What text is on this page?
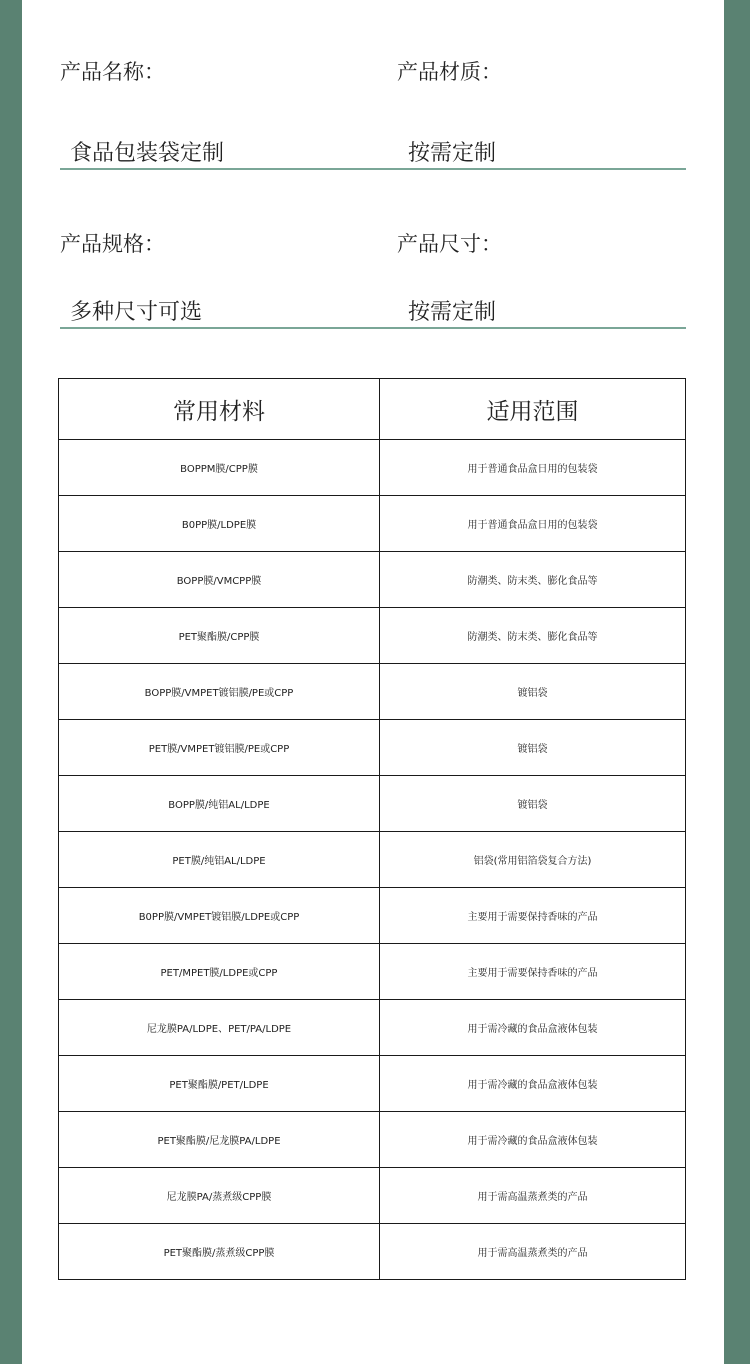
产品名称：	产品材质：
食品包装袋定制	按需定制
产品规格：	产品尺寸：
多种尺寸可选	按需定制
常用材料	适用范围
BOPPM膜/CPP膜	用于普通食品盒日用的包装袋
B0PP膜/LDPE膜	用于普通食品盒日用的包装袋
BOPP膜/VMCPP膜	防潮类、防末类、膨化食品等
PET聚酯膜/CPP膜	防潮类、防末类、膨化食品等
BOPP膜/VMPET镀铝膜/PE或CPP	镀铝袋
PET膜/VMPET镀铝膜/PE或CPP	镀铝袋
BOPP膜/纯铝AL/LDPE	镀铝袋
PET膜/纯铝AL/LDPE	铝袋(常用铝箔袋复合方法)
B0PP膜/VMPET镀铝膜/LDPE或CPP	主要用于需要保持香味的产品
PET/MPET膜/LDPE或CPP	主要用于需要保持香味的产品
尼龙膜PA/LDPE、PET/PA/LDPE	用于需冷藏的食品盒液体包装
PET聚酯膜/PET/LDPE	用于需冷藏的食品盒液体包装
PET聚酯膜/尼龙膜PA/LDPE	用于需冷藏的食品盒液体包装
尼龙膜PA/蒸煮级CPP膜	用于需高温蒸煮类的产品
PET聚酯膜/蒸煮级CPP膜	用于需高温蒸煮类的产品
